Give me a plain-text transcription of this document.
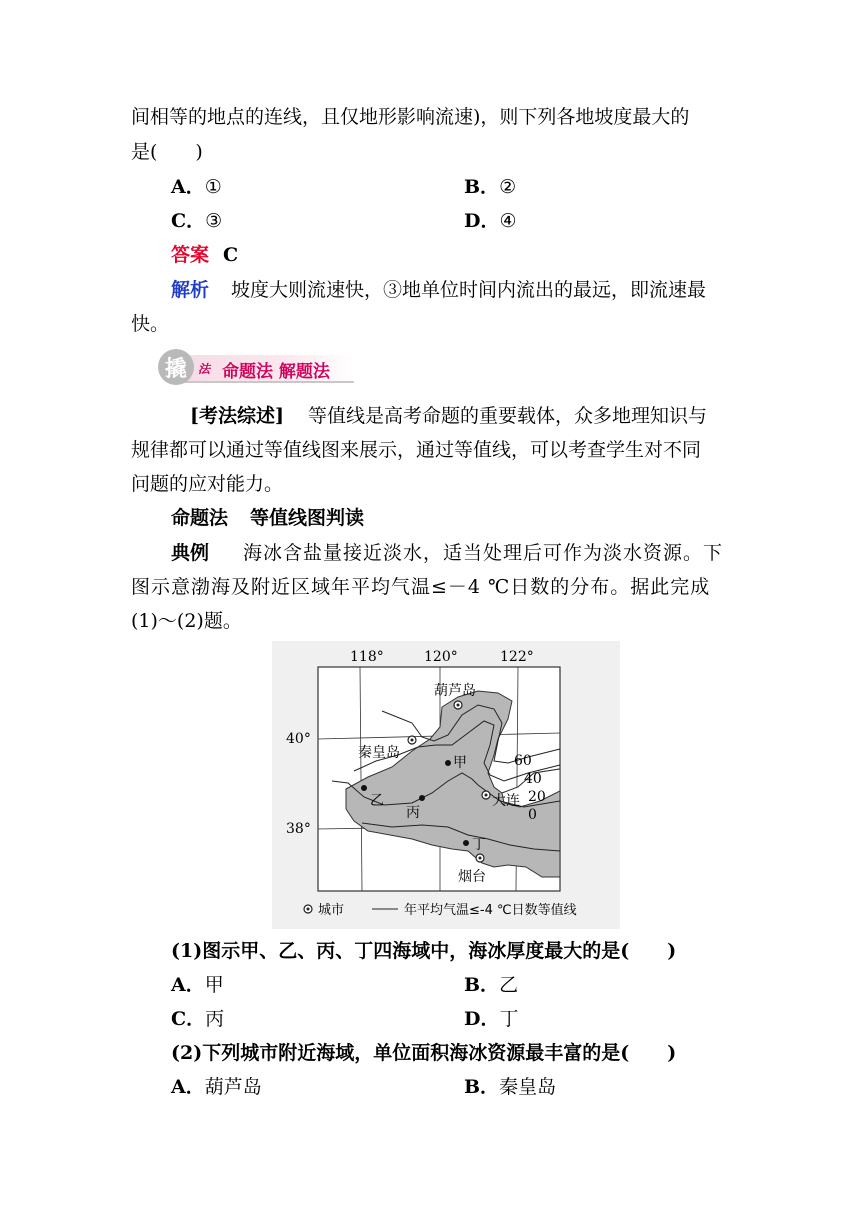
间相等的地点的连线，且仅地形影响流速)，则下列各地坡度最大的
是(　　)
A．①	B．②
C．③	D．④
答案 C
解析 坡度大则流速快，③地单位时间内流出的最远，即流速最
快。
撬 法 命题法 解题法
[考法综述] 等值线是高考命题的重要载体，众多地理知识与
规律都可以通过等值线图来展示，通过等值线，可以考查学生对不同
问题的应对能力。
命题法 等值线图判读
典例 海冰含盐量接近淡水，适当处理后可作为淡水资源。下
图示意渤海及附近区域年平均气温≤－4 ℃日数的分布。据此完成
(1)～(2)题。
118°	120°	122°
40°
38°
葫芦岛
秦皇岛
大连
烟台
甲
乙
丙
丁
60
40
20
0
城市	年平均气温≤-4 ℃日数等值线
(1)图示甲、乙、丙、丁四海域中，海冰厚度最大的是(　　)
A．甲	B．乙
C．丙	D．丁
(2)下列城市附近海域，单位面积海冰资源最丰富的是(　　)
A．葫芦岛	B．秦皇岛
